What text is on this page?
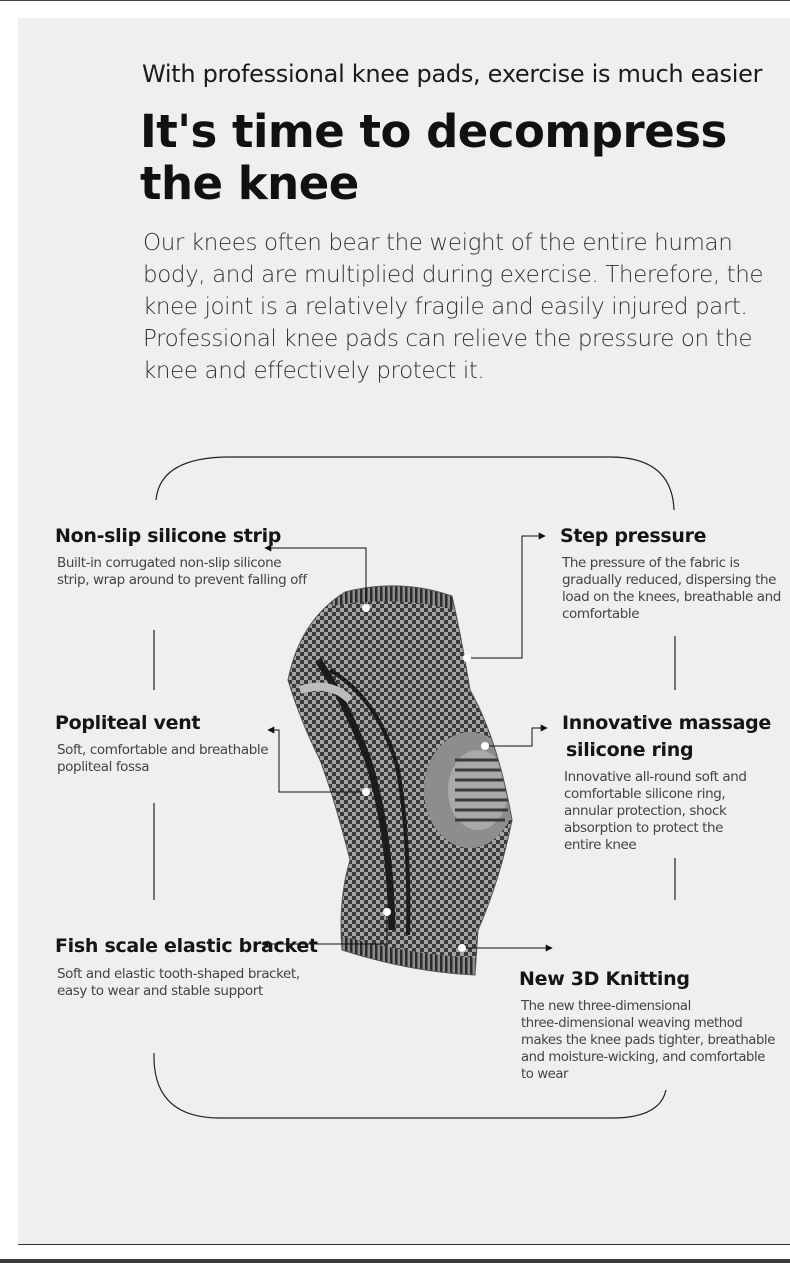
With professional knee pads, exercise is much easier
It's time to decompress
the knee
Our knees often bear the weight of the entire human
body, and are multiplied during exercise. Therefore, the
knee joint is a relatively fragile and easily injured part.
Professional knee pads can relieve the pressure on the
knee and effectively protect it.
Non-slip silicone strip
Built-in corrugated non-slip silicone
strip, wrap around to prevent falling off
Popliteal vent
Soft, comfortable and breathable
popliteal fossa
Fish scale elastic bracket
Soft and elastic tooth-shaped bracket,
easy to wear and stable support
Step pressure
The pressure of the fabric is
gradually reduced, dispersing the
load on the knees, breathable and
comfortable
Innovative massage
silicone ring
Innovative all-round soft and
comfortable silicone ring,
annular protection, shock
absorption to protect the
entire knee
New 3D Knitting
The new three-dimensional
three-dimensional weaving method
makes the knee pads tighter, breathable
and moisture-wicking, and comfortable
to wear
